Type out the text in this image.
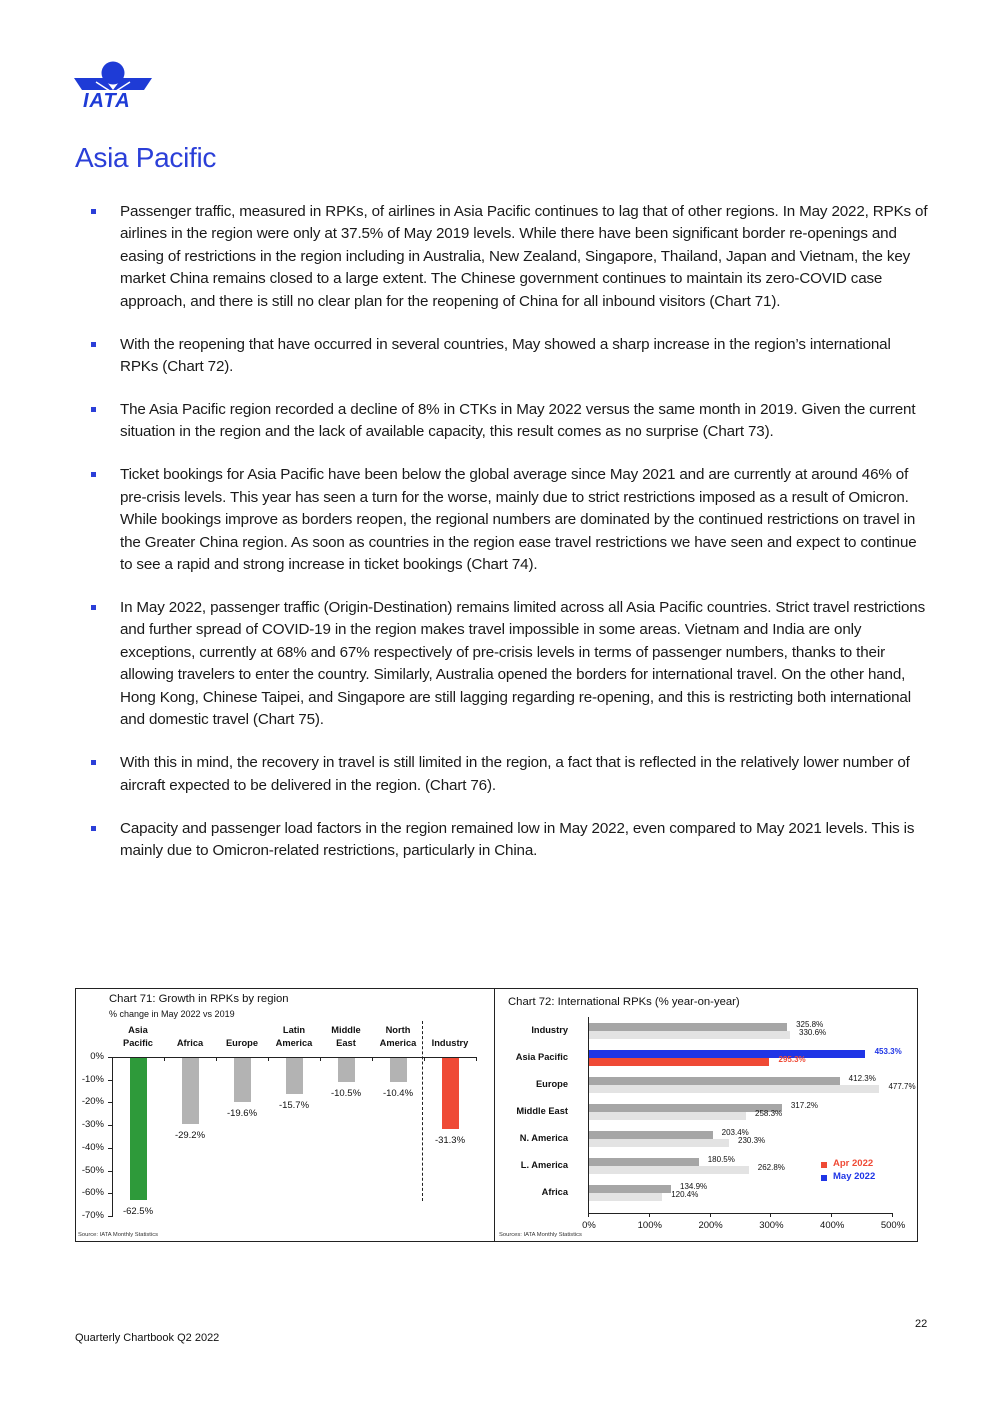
IATA
Asia Pacific
Passenger traffic, measured in RPKs, of airlines in Asia Pacific continues to lag that of other regions. In May 2022, RPKs of airlines in the region were only at 37.5% of May 2019 levels. While there have been significant border re-openings and easing of restrictions in the region including in Australia, New Zealand, Singapore, Thailand, Japan and Vietnam, the key market China remains closed to a large extent. The Chinese government continues to maintain its zero-COVID case approach, and there is still no clear plan for the reopening of China for all inbound visitors (Chart 71).
With the reopening that have occurred in several countries, May showed a sharp increase in the region’s international RPKs (Chart 72).
The Asia Pacific region recorded a decline of 8% in CTKs in May 2022 versus the same month in 2019. Given the current situation in the region and the lack of available capacity, this result comes as no surprise (Chart 73).
Ticket bookings for Asia Pacific have been below the global average since May 2021 and are currently at around 46% of pre-crisis levels. This year has seen a turn for the worse, mainly due to strict restrictions imposed as a result of Omicron. While bookings improve as borders reopen, the regional numbers are dominated by the continued restrictions on travel in the Greater China region. As soon as countries in the region ease travel restrictions we have seen and expect to continue to see a rapid and strong increase in ticket bookings (Chart 74).
In May 2022, passenger traffic (Origin-Destination) remains limited across all Asia Pacific countries. Strict travel restrictions and further spread of COVID-19 in the region makes travel impossible in some areas. Vietnam and India are only exceptions, currently at 68% and 67% respectively of pre-crisis levels in terms of passenger numbers, thanks to their allowing travelers to enter the country. Similarly, Australia opened the borders for international travel. On the other hand, Hong Kong, Chinese Taipei, and Singapore are still lagging regarding re-opening, and this is restricting both international and domestic travel (Chart 75).
With this in mind, the recovery in travel is still limited in the region, a fact that is reflected in the relatively lower number of aircraft expected to be delivered in the region. (Chart 76).
Capacity and passenger load factors in the region remained low in May 2022, even compared to May 2021 levels. This is mainly due to Omicron-related restrictions, particularly in China.
Chart 71: Growth in RPKs by region
% change in May 2022 vs 2019
Source: IATA Monthly Statistics
0%
-10%
-20%
-30%
-40%
-50%
-60%
-70%
Asia
Pacific
-62.5%
Africa
-29.2%
Europe
-19.6%
Latin
America
-15.7%
Middle
East
-10.5%
North
America
-10.4%
Industry
-31.3%
Chart 72: International RPKs (% year-on-year)
Apr 2022
May 2022
Sources: IATA Monthly Statistics
0%	100%	200%	300%	400%	500%
Industry
325.8%
330.6%
Asia Pacific
453.3%
295.3%
Europe
412.3%
477.7%
Middle East
317.2%
258.3%
N. America
203.4%
230.3%
L. America
180.5%
262.8%
Africa
134.9%
120.4%
22
Quarterly Chartbook Q2 2022
